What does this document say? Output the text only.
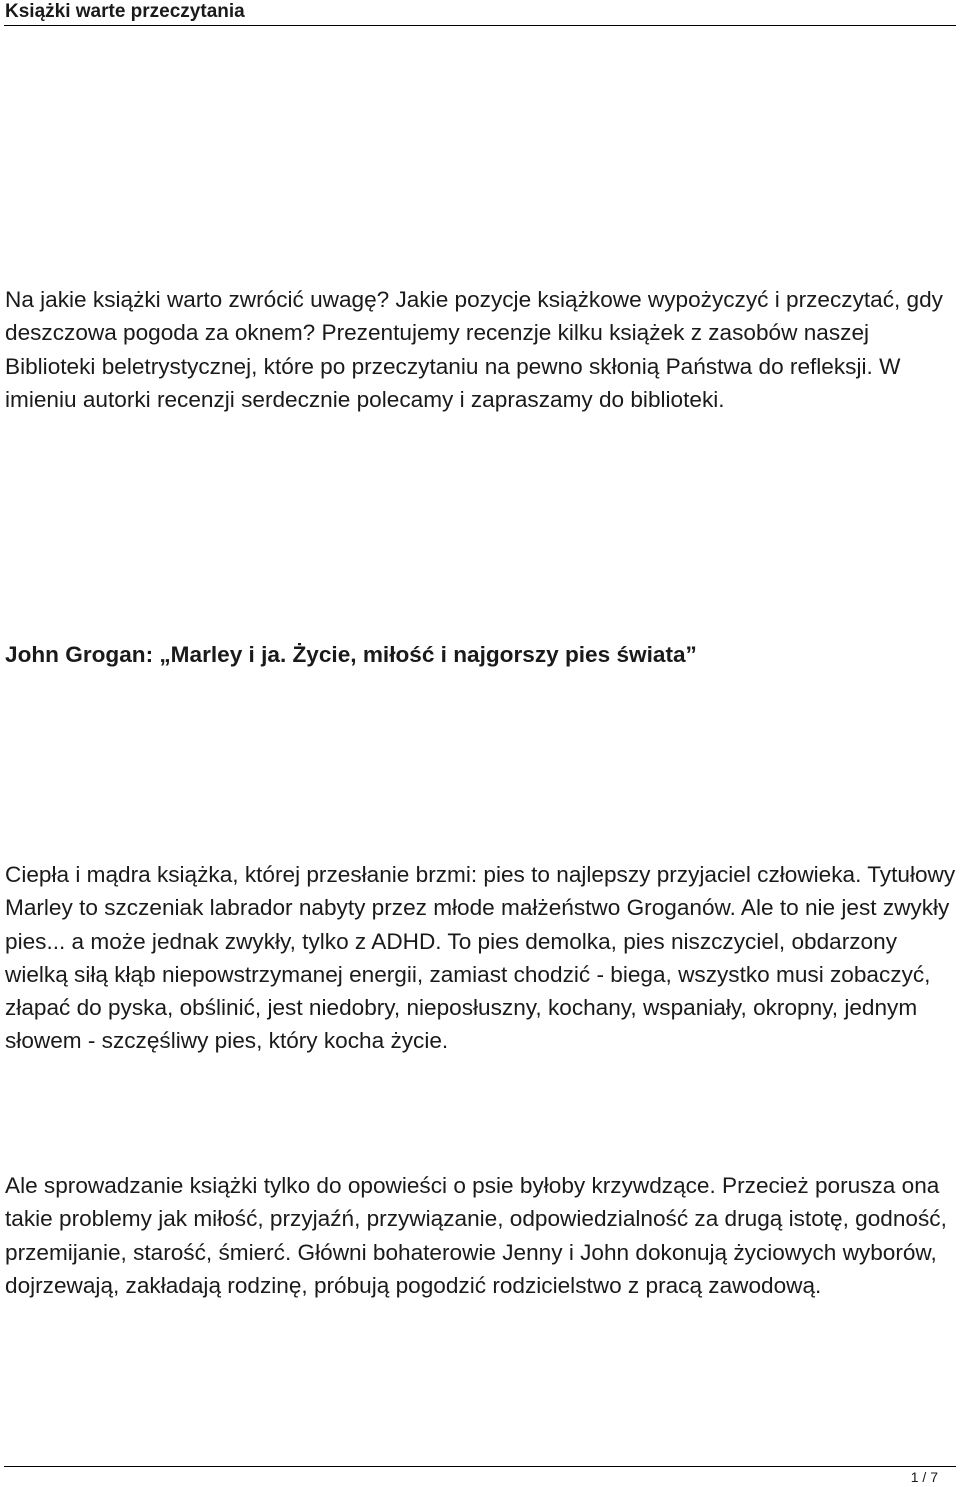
Książki warte przeczytania

Na jakie książki warto zwrócić uwagę? Jakie pozycje książkowe wypożyczyć i przeczytać, gdy deszczowa pogoda za oknem? Prezentujemy recenzje kilku książek z zasobów naszej Biblioteki beletrystycznej, które po przeczytaniu na pewno skłonią Państwa do refleksji. W imieniu autorki recenzji serdecznie polecamy i zapraszamy do biblioteki.

John Grogan: „Marley i ja. Życie, miłość i najgorszy pies świata”

Ciepła i mądra książka, której przesłanie brzmi: pies to najlepszy przyjaciel człowieka. Tytułowy Marley to szczeniak labrador nabyty przez młode małżeństwo Groganów. Ale to nie jest zwykły pies... a może jednak zwykły, tylko z ADHD. To pies demolka, pies niszczyciel, obdarzony wielką siłą kłąb niepowstrzymanej energii, zamiast chodzić - biega, wszystko musi zobaczyć, złapać do pyska, obślinić, jest niedobry, nieposłuszny, kochany, wspaniały, okropny, jednym słowem - szczęśliwy pies, który kocha życie.

Ale sprowadzanie książki tylko do opowieści o psie byłoby krzywdzące. Przecież porusza ona takie problemy jak miłość, przyjaźń, przywiązanie, odpowiedzialność za drugą istotę, godność, przemijanie, starość, śmierć. Główni bohaterowie Jenny i John dokonują życiowych wyborów, dojrzewają, zakładają rodzinę, próbują pogodzić rodzicielstwo z pracą zawodową.

1 / 7
